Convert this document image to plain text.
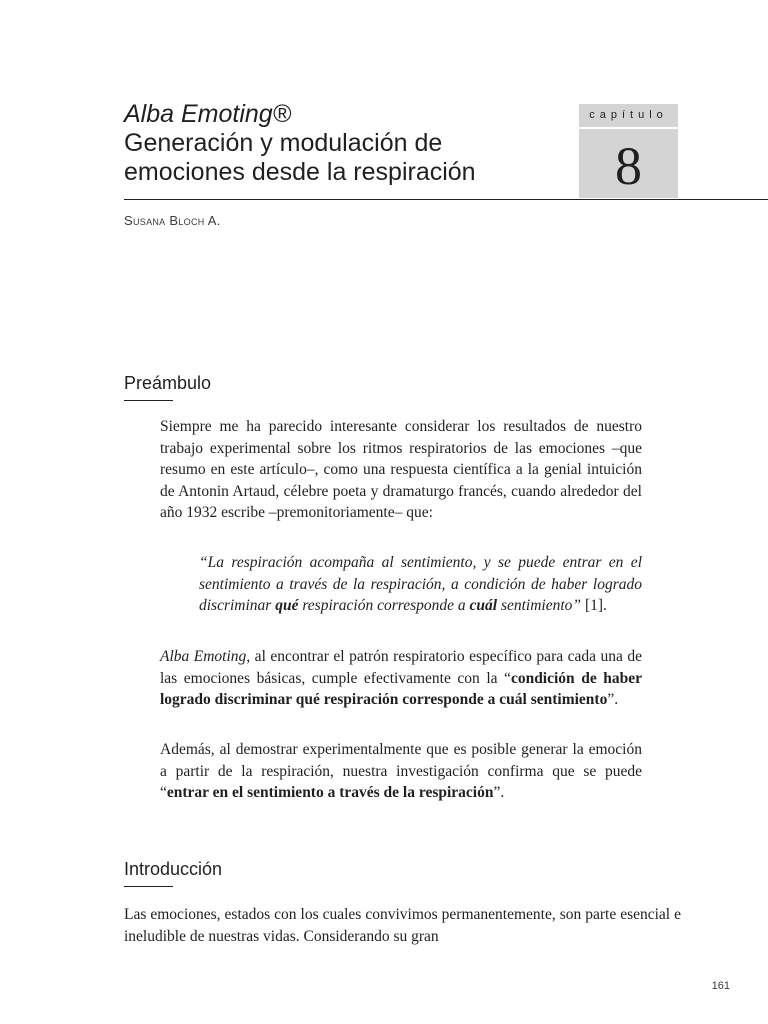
Alba Emoting®
Generación y modulación de
emociones desde la respiración
capítulo
8
Susana Bloch A.
Preámbulo

Siempre me ha parecido interesante considerar los resultados de nuestro trabajo experimental sobre los ritmos respiratorios de las emociones –que resumo en este artículo–, como una respuesta científica a la genial intuición de Antonin Artaud, célebre poeta y dramaturgo francés, cuando alrededor del año 1932 escribe –premonitoriamente– que:

“La respiración acompaña al sentimiento, y se puede entrar en el sentimiento a través de la respiración, a condición de haber logrado discriminar qué respiración corresponde a cuál sentimiento” [1].

Alba Emoting, al encontrar el patrón respiratorio específico para cada una de las emociones básicas, cumple efectivamente con la “condición de haber logrado discriminar qué respiración corresponde a cuál sentimiento”.

Además, al demostrar experimentalmente que es posible generar la emoción a partir de la respiración, nuestra investigación confirma que se puede “entrar en el sentimiento a través de la respiración”.

Introducción

Las emociones, estados con los cuales convivimos permanentemente, son parte esencial e ineludible de nuestras vidas. Considerando su gran

161
